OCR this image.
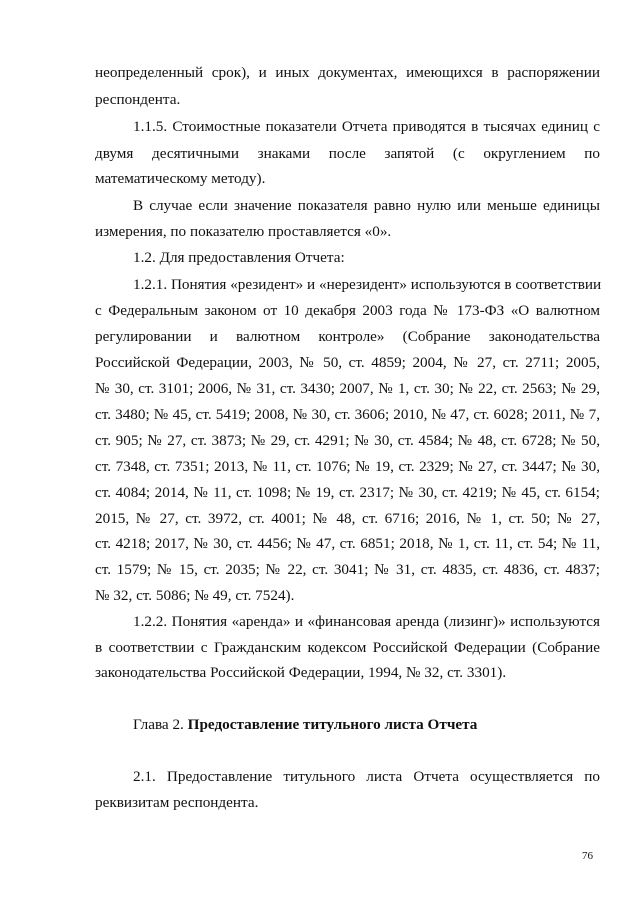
неопределенный срок), и иных документах, имеющихся в распоряжении

респондента.

1.1.5. Стоимостные показатели Отчета приводятся в тысячах единиц с

двумя десятичными знаками после запятой (с округлением по

математическому методу).

В случае если значение показателя равно нулю или меньше единицы

измерения, по показателю проставляется «0».

1.2. Для предоставления Отчета:

1.2.1. Понятия «резидент» и «нерезидент» используются в соответствии

с Федеральным законом от 10 декабря 2003 года № 173-ФЗ «О валютном

регулировании и валютном контроле» (Собрание законодательства

Российской Федерации, 2003, № 50, ст. 4859; 2004, № 27, ст. 2711; 2005,

№ 30, ст. 3101; 2006, № 31, ст. 3430; 2007, № 1, ст. 30; № 22, ст. 2563; № 29,

ст. 3480; № 45, ст. 5419; 2008, № 30, ст. 3606; 2010, № 47, ст. 6028; 2011, № 7,

ст. 905; № 27, ст. 3873; № 29, ст. 4291; № 30, ст. 4584; № 48, ст. 6728; № 50,

ст. 7348, ст. 7351; 2013, № 11, ст. 1076; № 19, ст. 2329; № 27, ст. 3447; № 30,

ст. 4084; 2014, № 11, ст. 1098; № 19, ст. 2317; № 30, ст. 4219; № 45, ст. 6154;

2015, № 27, ст. 3972, ст. 4001; № 48, ст. 6716; 2016, № 1, ст. 50; № 27,

ст. 4218; 2017, № 30, ст. 4456; № 47, ст. 6851; 2018, № 1, ст. 11, ст. 54; № 11,

ст. 1579; № 15, ст. 2035; № 22, ст. 3041; № 31, ст. 4835, ст. 4836, ст. 4837;

№ 32, ст. 5086; № 49, ст. 7524).

1.2.2. Понятия «аренда» и «финансовая аренда (лизинг)» используются

в соответствии с Гражданским кодексом Российской Федерации (Собрание

законодательства Российской Федерации, 1994, № 32, ст. 3301).

Глава 2. Предоставление титульного листа Отчета

2.1. Предоставление титульного листа Отчета осуществляется по

реквизитам респондента.

76
